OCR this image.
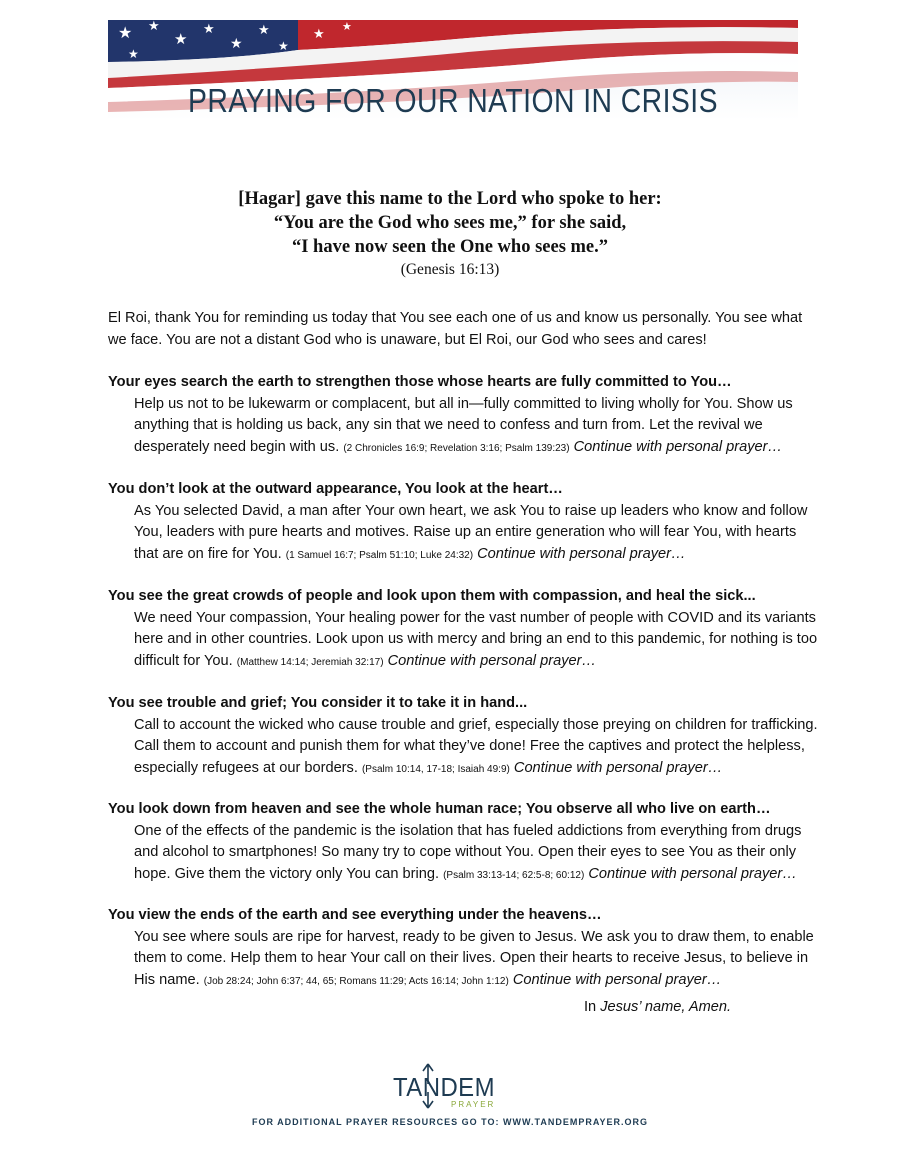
★ ★
★
★
★
★
★
★
★
★
PRAYING FOR OUR NATION IN CRISIS
[Hagar] gave this name to the Lord who spoke to her:
“You are the God who sees me,” for she said,
“I have now seen the One who sees me.”
(Genesis 16:13)
El Roi, thank You for reminding us today that You see each one of us and know us personally. You see what we face. You are not a distant God who is unaware, but El Roi, our God who sees and cares!
Your eyes search the earth to strengthen those whose hearts are fully committed to You…
Help us not to be lukewarm or complacent, but all in—fully committed to living wholly for You. Show us anything that is holding us back, any sin that we need to confess and turn from. Let the revival we desperately need begin with us. (2 Chronicles 16:9; Revelation 3:16; Psalm 139:23) Continue with personal prayer…
You don’t look at the outward appearance, You look at the heart…
As You selected David, a man after Your own heart, we ask You to raise up leaders who know and follow You, leaders with pure hearts and motives. Raise up an entire generation who will fear You, with hearts that are on fire for You. (1 Samuel 16:7; Psalm 51:10; Luke 24:32) Continue with personal prayer…
You see the great crowds of people and look upon them with compassion, and heal the sick...
We need Your compassion, Your healing power for the vast number of people with COVID and its variants here and in other countries. Look upon us with mercy and bring an end to this pandemic, for nothing is too difficult for You. (Matthew 14:14; Jeremiah 32:17) Continue with personal prayer…
You see trouble and grief; You consider it to take it in hand...
Call to account the wicked who cause trouble and grief, especially those preying on children for trafficking. Call them to account and punish them for what they’ve done! Free the captives and protect the helpless, especially refugees at our borders. (Psalm 10:14, 17-18; Isaiah 49:9) Continue with personal prayer…
You look down from heaven and see the whole human race; You observe all who live on earth…
One of the effects of the pandemic is the isolation that has fueled addictions from everything from drugs and alcohol to smartphones! So many try to cope without You. Open their eyes to see You as their only hope. Give them the victory only You can bring. (Psalm 33:13-14; 62:5-8; 60:12) Continue with personal prayer…
You view the ends of the earth and see everything under the heavens…
You see where souls are ripe for harvest, ready to be given to Jesus. We ask you to draw them, to enable them to come. Help them to hear Your call on their lives. Open their hearts to receive Jesus, to believe in His name. (Job 28:24; John 6:37; 44, 65; Romans 11:29; Acts 16:14; John 1:12) Continue with personal prayer…
In Jesus’ name, Amen.
TANDEM
PRAYER
FOR ADDITIONAL PRAYER RESOURCES GO TO: WWW.TANDEMPRAYER.ORG
